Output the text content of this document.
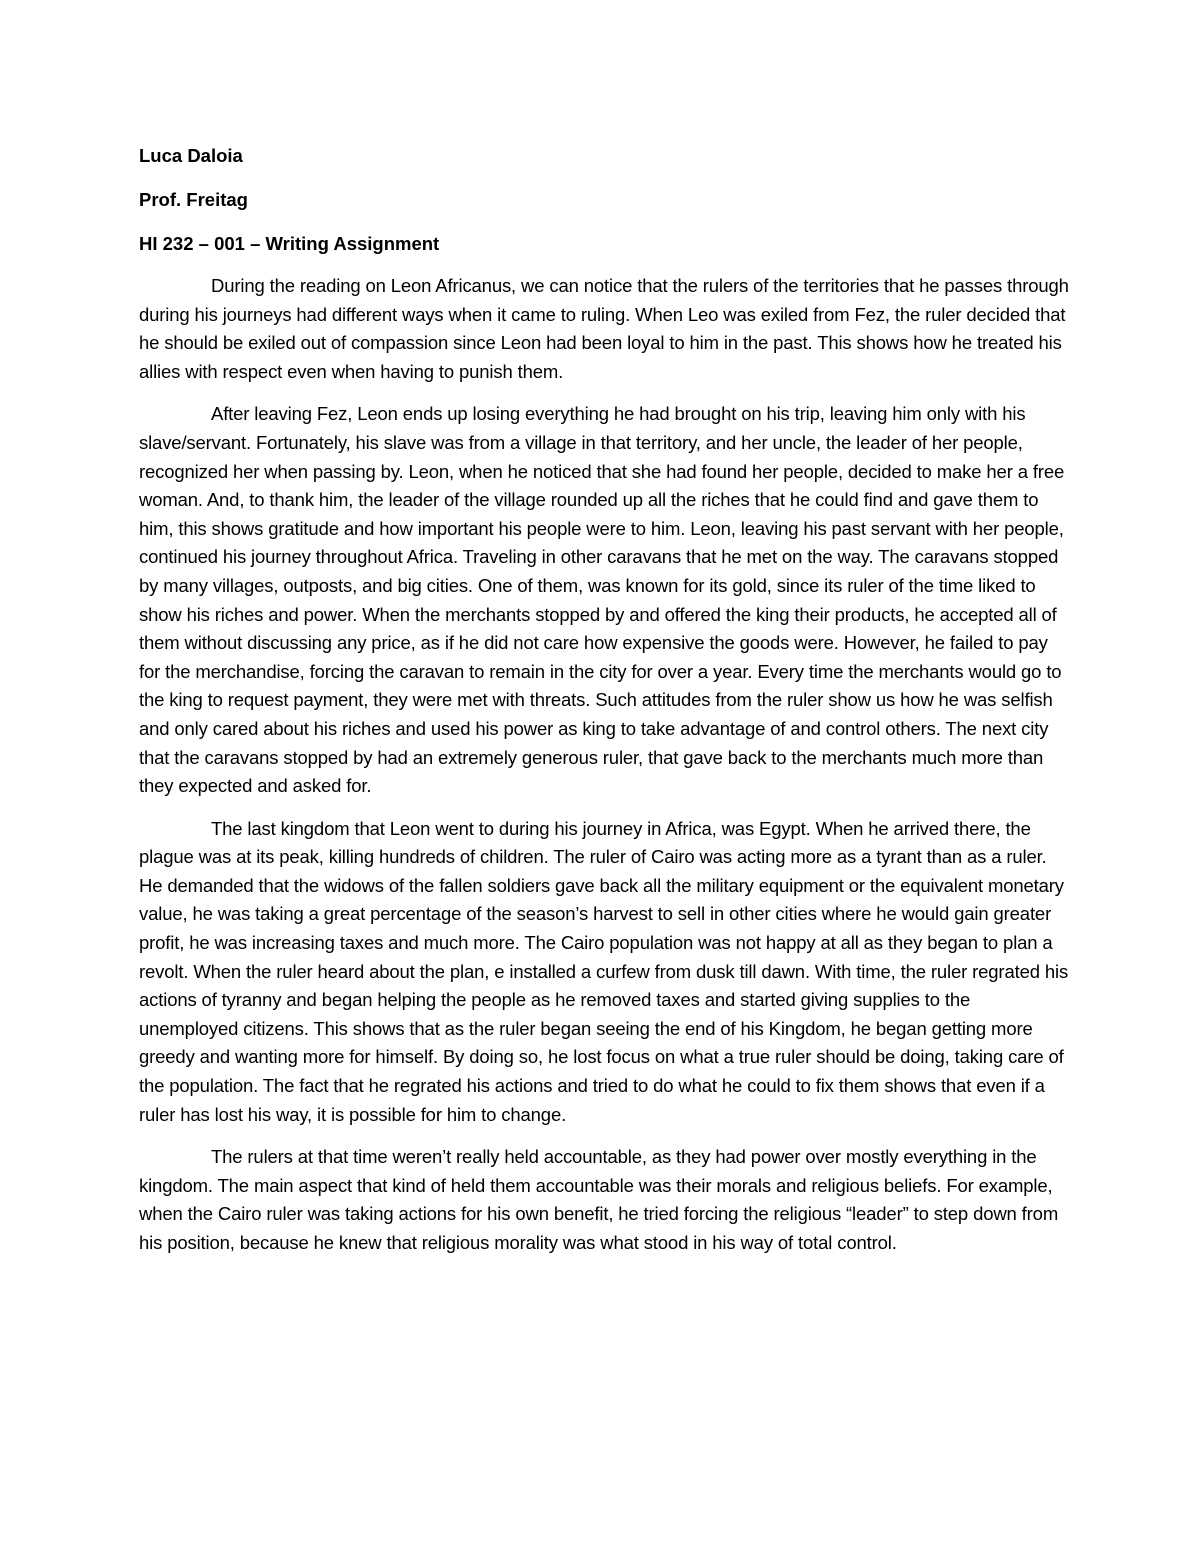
Luca Daloia

Prof. Freitag

HI 232 – 001 – Writing Assignment

During the reading on Leon Africanus, we can notice that the rulers of the territories that he passes through during his journeys had different ways when it came to ruling. When Leo was exiled from Fez, the ruler decided that he should be exiled out of compassion since Leon had been loyal to him in the past. This shows how he treated his allies with respect even when having to punish them.

After leaving Fez, Leon ends up losing everything he had brought on his trip, leaving him only with his slave/servant. Fortunately, his slave was from a village in that territory, and her uncle, the leader of her people, recognized her when passing by. Leon, when he noticed that she had found her people, decided to make her a free woman. And, to thank him, the leader of the village rounded up all the riches that he could find and gave them to him, this shows gratitude and how important his people were to him. Leon, leaving his past servant with her people, continued his journey throughout Africa. Traveling in other caravans that he met on the way. The caravans stopped by many villages, outposts, and big cities. One of them, was known for its gold, since its ruler of the time liked to show his riches and power. When the merchants stopped by and offered the king their products, he accepted all of them without discussing any price, as if he did not care how expensive the goods were. However, he failed to pay for the merchandise, forcing the caravan to remain in the city for over a year. Every time the merchants would go to the king to request payment, they were met with threats. Such attitudes from the ruler show us how he was selfish and only cared about his riches and used his power as king to take advantage of and control others. The next city that the caravans stopped by had an extremely generous ruler, that gave back to the merchants much more than they expected and asked for.

The last kingdom that Leon went to during his journey in Africa, was Egypt. When he arrived there, the plague was at its peak, killing hundreds of children. The ruler of Cairo was acting more as a tyrant than as a ruler. He demanded that the widows of the fallen soldiers gave back all the military equipment or the equivalent monetary value, he was taking a great percentage of the season’s harvest to sell in other cities where he would gain greater profit, he was increasing taxes and much more. The Cairo population was not happy at all as they began to plan a revolt. When the ruler heard about the plan, e installed a curfew from dusk till dawn. With time, the ruler regrated his actions of tyranny and began helping the people as he removed taxes and started giving supplies to the unemployed citizens. This shows that as the ruler began seeing the end of his Kingdom, he began getting more greedy and wanting more for himself. By doing so, he lost focus on what a true ruler should be doing, taking care of the population. The fact that he regrated his actions and tried to do what he could to fix them shows that even if a ruler has lost his way, it is possible for him to change.

The rulers at that time weren’t really held accountable, as they had power over mostly everything in the kingdom. The main aspect that kind of held them accountable was their morals and religious beliefs. For example, when the Cairo ruler was taking actions for his own benefit, he tried forcing the religious “leader” to step down from his position, because he knew that religious morality was what stood in his way of total control.
